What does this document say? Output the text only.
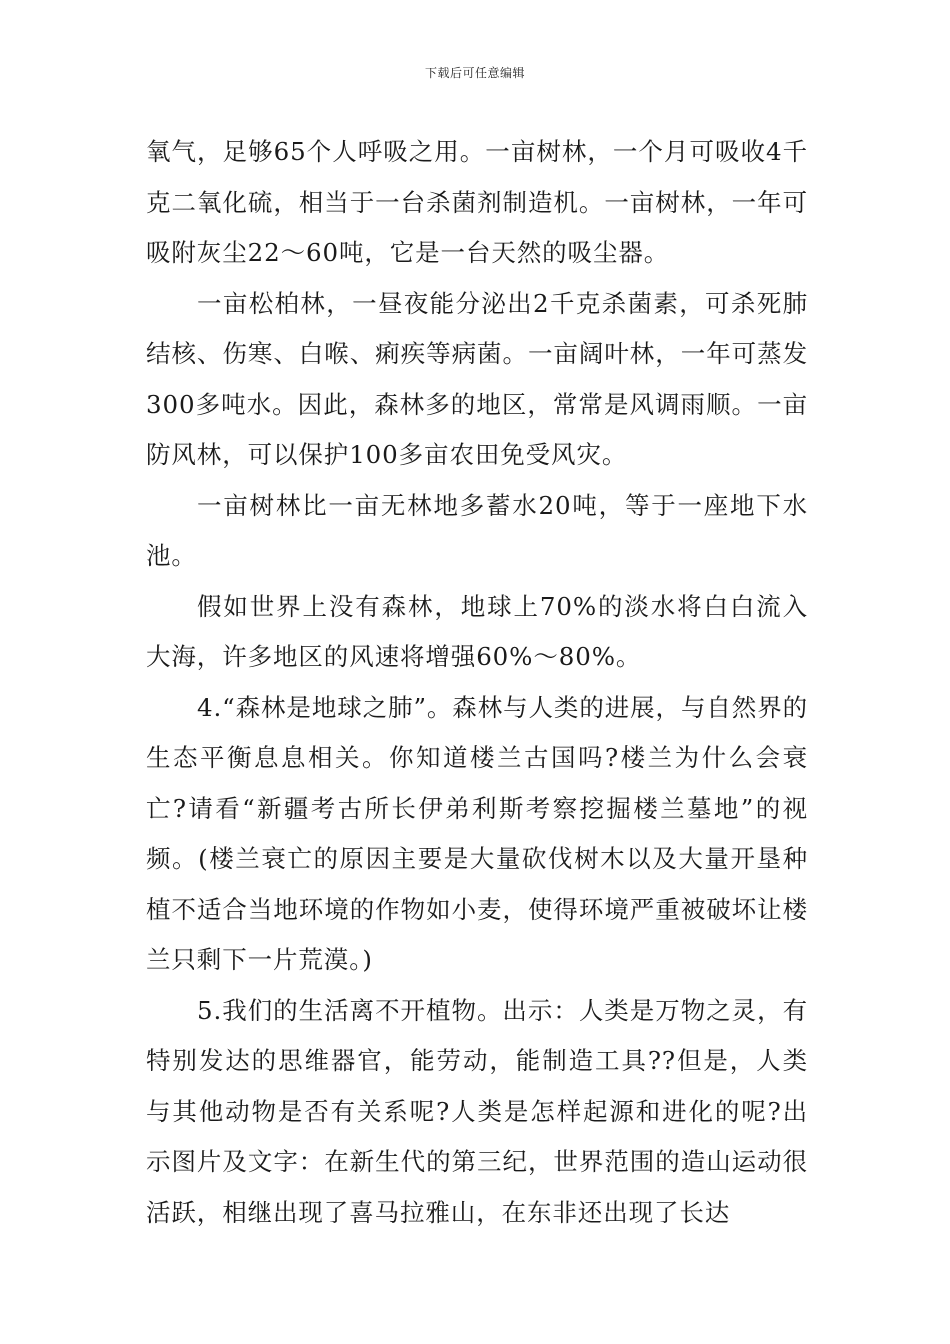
下载后可任意编辑

氧气，足够65个人呼吸之用。一亩树林，一个月可吸收4千克二氧化硫，相当于一台杀菌剂制造机。一亩树林，一年可吸附灰尘22～60吨，它是一台天然的吸尘器。

一亩松柏林，一昼夜能分泌出2千克杀菌素，可杀死肺结核、伤寒、白喉、痢疾等病菌。一亩阔叶林，一年可蒸发300多吨水。因此，森林多的地区，常常是风调雨顺。一亩防风林，可以保护100多亩农田免受风灾。

一亩树林比一亩无林地多蓄水20吨，等于一座地下水池。

假如世界上没有森林，地球上70%的淡水将白白流入大海，许多地区的风速将增强60%～80%。

4.“森林是地球之肺”。森林与人类的进展，与自然界的生态平衡息息相关。你知道楼兰古国吗?楼兰为什么会衰亡?请看“新疆考古所长伊弟利斯考察挖掘楼兰墓地”的视频。(楼兰衰亡的原因主要是大量砍伐树木以及大量开垦种植不适合当地环境的作物如小麦，使得环境严重被破坏让楼兰只剩下一片荒漠。)

5.我们的生活离不开植物。出示：人类是万物之灵，有特别发达的思维器官，能劳动，能制造工具??但是，人类与其他动物是否有关系呢?人类是怎样起源和进化的呢?出示图片及文字：在新生代的第三纪，世界范围的造山运动很活跃，相继出现了喜马拉雅山，在东非还出现了长达
